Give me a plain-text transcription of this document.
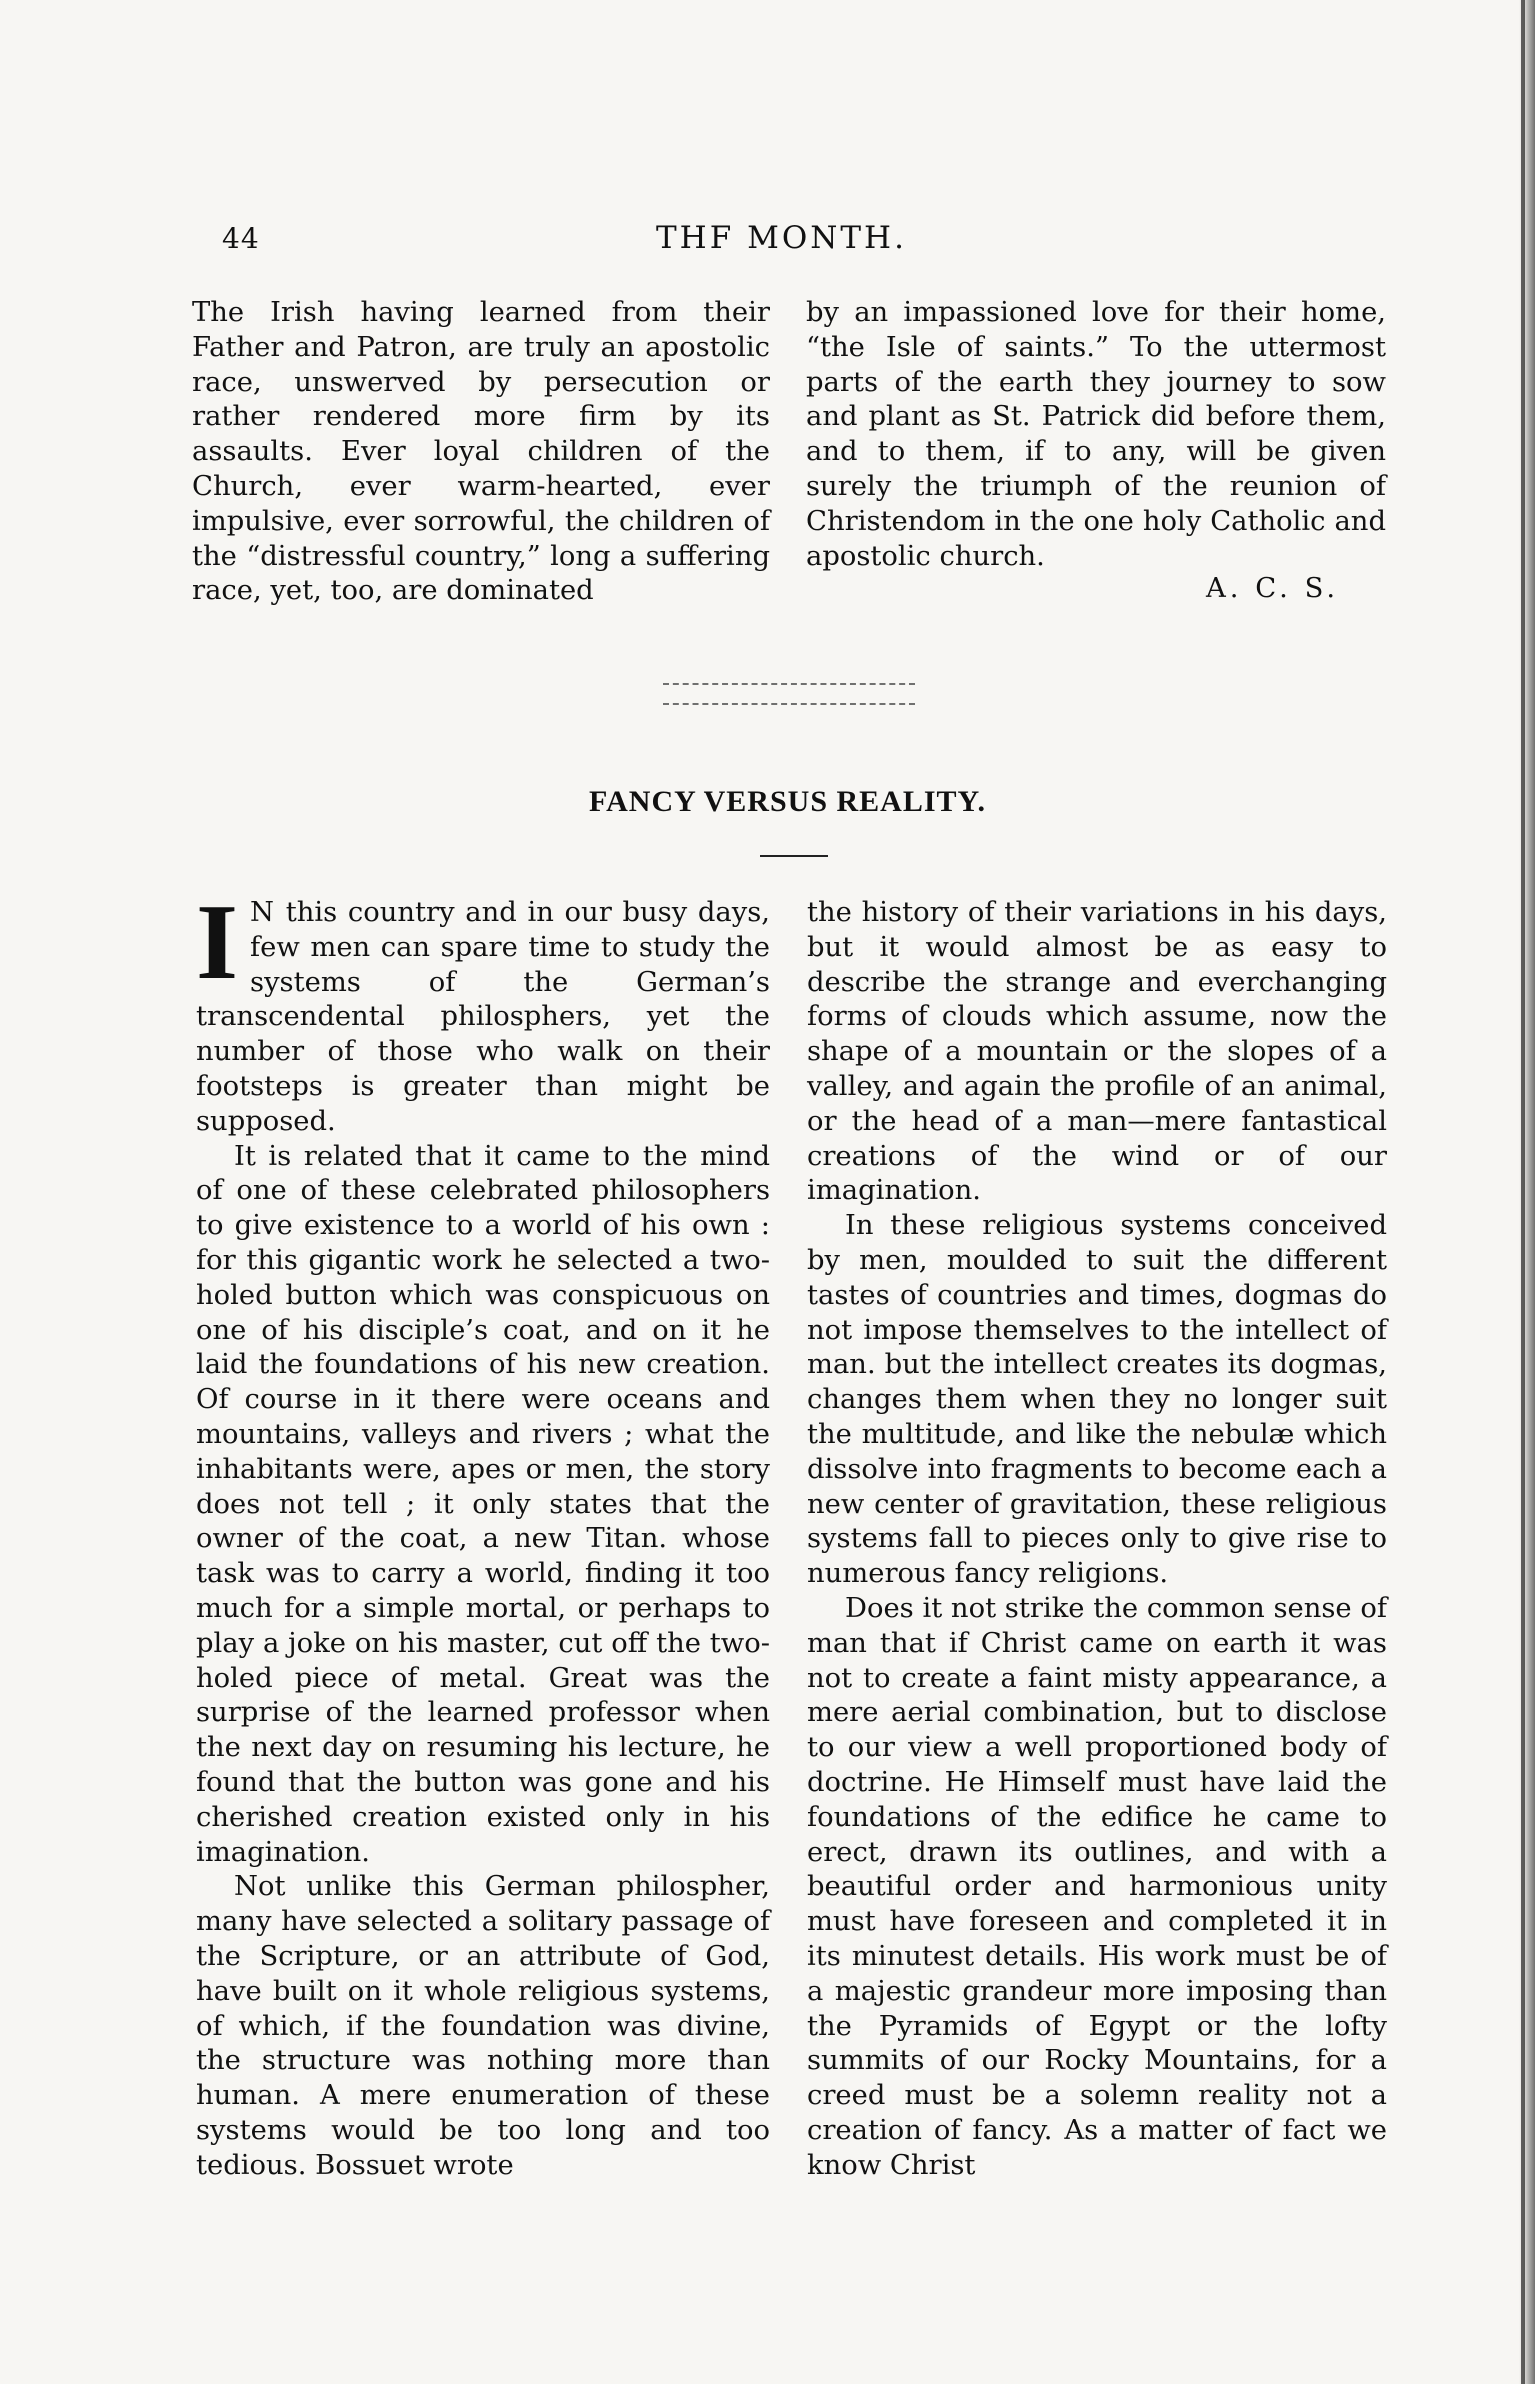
44	THF MONTH.

The Irish having learned from their Father and Patron, are truly an apostolic race, unswerved by persecution or rather rendered more firm by its assaults. Ever loyal children of the Church, ever warm-hearted, ever impulsive, ever sorrowful, the children of the “distressful country,” long a suffering race, yet, too, are dominated

by an impassioned love for their home, “the Isle of saints.” To the uttermost parts of the earth they journey to sow and plant as St. Patrick did before them, and to them, if to any, will be given surely the triumph of the reunion of Christendom in the one holy Catholic and apostolic church.

A. C. S.
FANCY VERSUS REALITY.

I N this country and in our busy days, few men can spare time to study the systems of the German’s transcendental philosphers, yet the number of those who walk on their footsteps is greater than might be supposed.

It is related that it came to the mind of one of these celebrated philosophers to give existence to a world of his own : for this gigantic work he selected a two-holed button which was conspicuous on one of his disciple’s coat, and on it he laid the foundations of his new creation. Of course in it there were oceans and mountains, valleys and rivers ; what the inhabitants were, apes or men, the story does not tell ; it only states that the owner of the coat, a new Titan. whose task was to carry a world, finding it too much for a simple mortal, or perhaps to play a joke on his master, cut off the two-holed piece of metal. Great was the surprise of the learned professor when the next day on resuming his lecture, he found that the button was gone and his cherished creation existed only in his imagination.

Not unlike this German philospher, many have selected a solitary passage of the Scripture, or an attribute of God, have built on it whole religious systems, of which, if the foundation was divine, the structure was nothing more than human. A mere enumeration of these systems would be too long and too tedious. Bossuet wrote

the history of their variations in his days, but it would almost be as easy to describe the strange and everchanging forms of clouds which assume, now the shape of a mountain or the slopes of a valley, and again the profile of an animal, or the head of a man—mere fantastical creations of the wind or of our imagination.

In these religious systems conceived by men, moulded to suit the different tastes of countries and times, dogmas do not impose themselves to the intellect of man. but the intellect creates its dogmas, changes them when they no longer suit the multitude, and like the nebulæ which dissolve into fragments to become each a new center of gravitation, these religious systems fall to pieces only to give rise to numerous fancy religions.

Does it not strike the common sense of man that if Christ came on earth it was not to create a faint misty appearance, a mere aerial combination, but to disclose to our view a well proportioned body of doctrine. He Himself must have laid the foundations of the edifice he came to erect, drawn its outlines, and with a beautiful order and harmonious unity must have foreseen and completed it in its minutest details. His work must be of a majestic grandeur more imposing than the Pyramids of Egypt or the lofty summits of our Rocky Mountains, for a creed must be a solemn reality not a creation of fancy. As a matter of fact we know Christ
